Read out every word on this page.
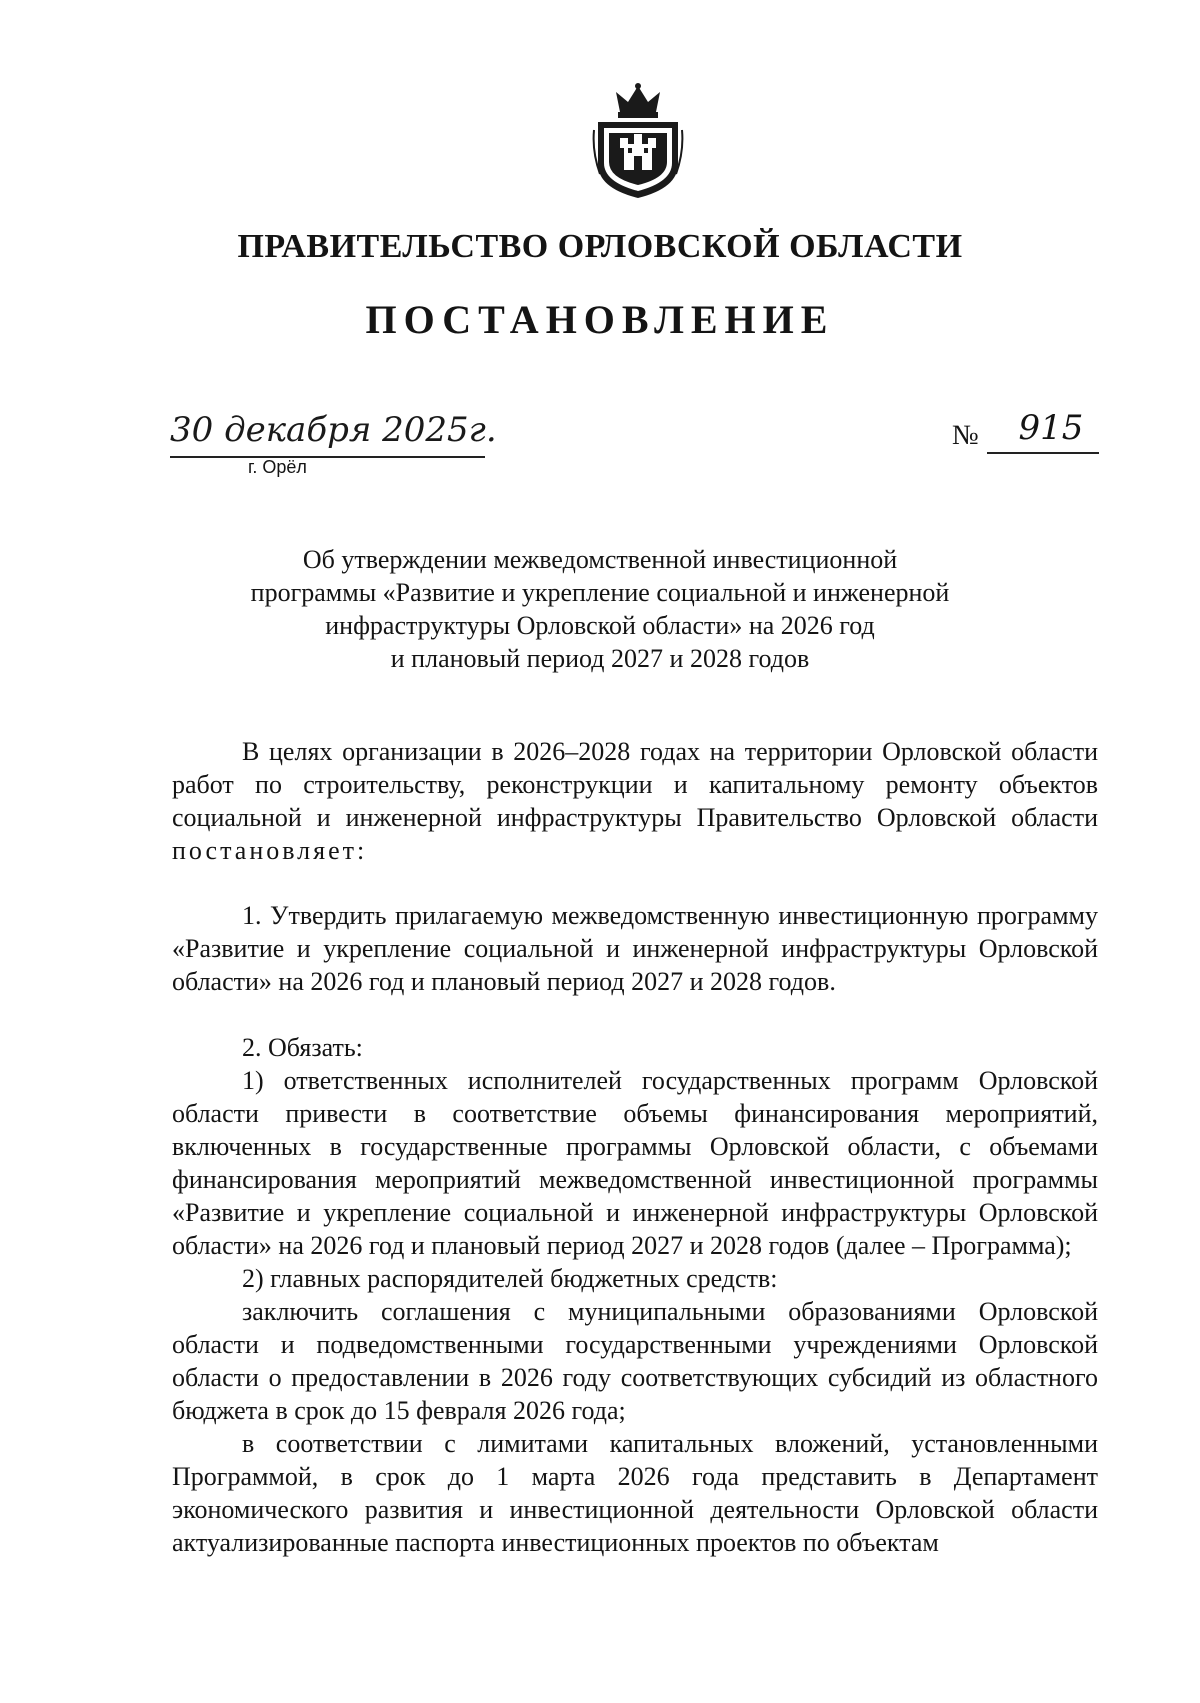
ПРАВИТЕЛЬСТВО ОРЛОВСКОЙ ОБЛАСТИ
ПОСТАНОВЛЕНИЕ
30 декабря 2025г.
г. Орёл
№	915
Об утверждении межведомственной инвестиционной
программы «Развитие и укрепление социальной и инженерной
инфраструктуры Орловской области» на 2026 год
и плановый период 2027 и 2028 годов

В целях организации в 2026–2028 годах на территории Орловской области работ по строительству, реконструкции и капитальному ремонту объектов социальной и инженерной инфраструктуры Правительство Орловской области постановляет:

1. Утвердить прилагаемую межведомственную инвестиционную программу «Развитие и укрепление социальной и инженерной инфраструктуры Орловской области» на 2026 год и плановый период 2027 и 2028 годов.

2. Обязать:

1) ответственных исполнителей государственных программ Орловской области привести в соответствие объемы финансирования мероприятий, включенных в государственные программы Орловской области, с объемами финансирования мероприятий межведомственной инвестиционной программы «Развитие и укрепление социальной и инженерной инфраструктуры Орловской области» на 2026 год и плановый период 2027 и 2028 годов (далее – Программа);

2) главных распорядителей бюджетных средств:

заключить соглашения с муниципальными образованиями Орловской области и подведомственными государственными учреждениями Орловской области о предоставлении в 2026 году соответствующих субсидий из областного бюджета в срок до 15 февраля 2026 года;

в соответствии с лимитами капитальных вложений, установленными Программой, в срок до 1 марта 2026 года представить в Департамент экономического развития и инвестиционной деятельности Орловской области актуализированные паспорта инвестиционных проектов по объектам
